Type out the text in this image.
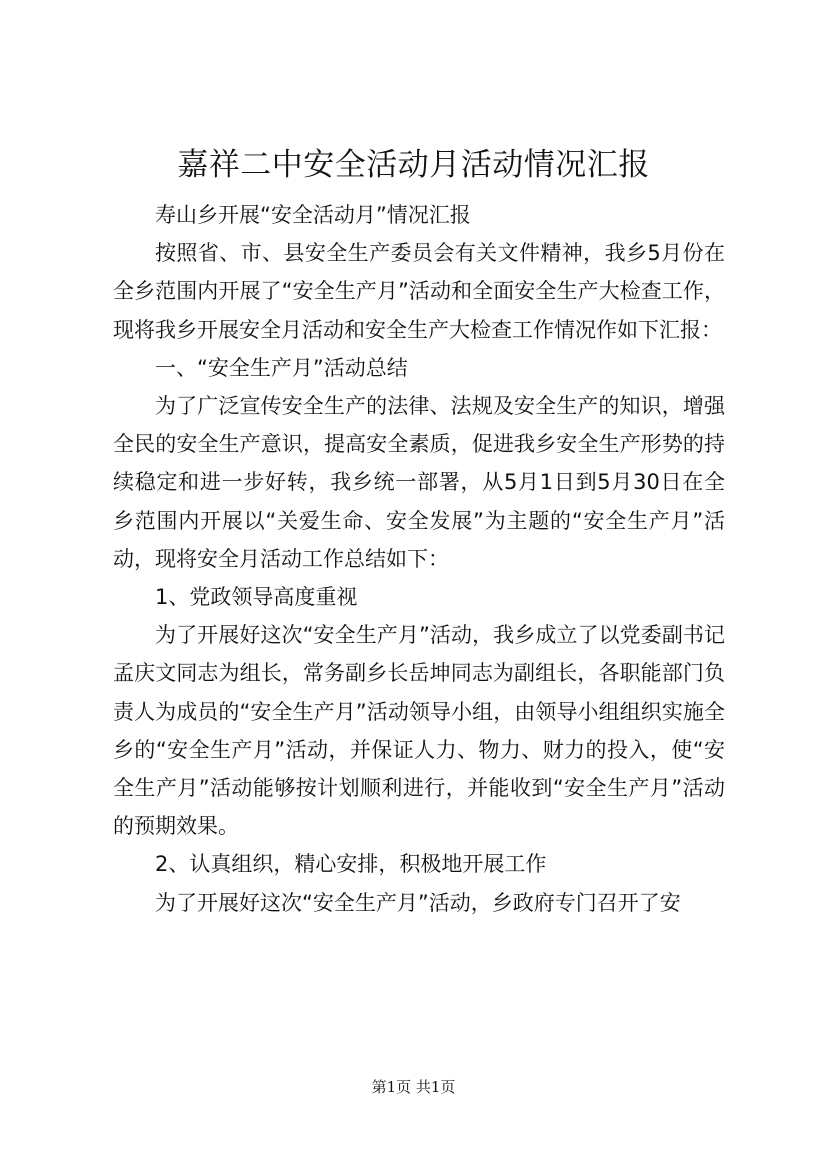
嘉祥二中安全活动月活动情况汇报

寿山乡开展“安全活动月”情况汇报

按照省、市、县安全生产委员会有关文件精神，我乡5月份在全乡范围内开展了“安全生产月”活动和全面安全生产大检查工作，现将我乡开展安全月活动和安全生产大检查工作情况作如下汇报：

一、“安全生产月”活动总结

为了广泛宣传安全生产的法律、法规及安全生产的知识，增强全民的安全生产意识，提高安全素质，促进我乡安全生产形势的持续稳定和进一步好转，我乡统一部署，从5月1日到5月30日在全乡范围内开展以“关爱生命、安全发展”为主题的“安全生产月”活动，现将安全月活动工作总结如下：

1、党政领导高度重视

为了开展好这次“安全生产月”活动，我乡成立了以党委副书记孟庆文同志为组长，常务副乡长岳坤同志为副组长，各职能部门负责人为成员的“安全生产月”活动领导小组，由领导小组组织实施全乡的“安全生产月”活动，并保证人力、物力、财力的投入，使“安全生产月”活动能够按计划顺利进行，并能收到“安全生产月”活动的预期效果。

2、认真组织，精心安排，积极地开展工作

为了开展好这次“安全生产月”活动，乡政府专门召开了安

第1页 共1页
